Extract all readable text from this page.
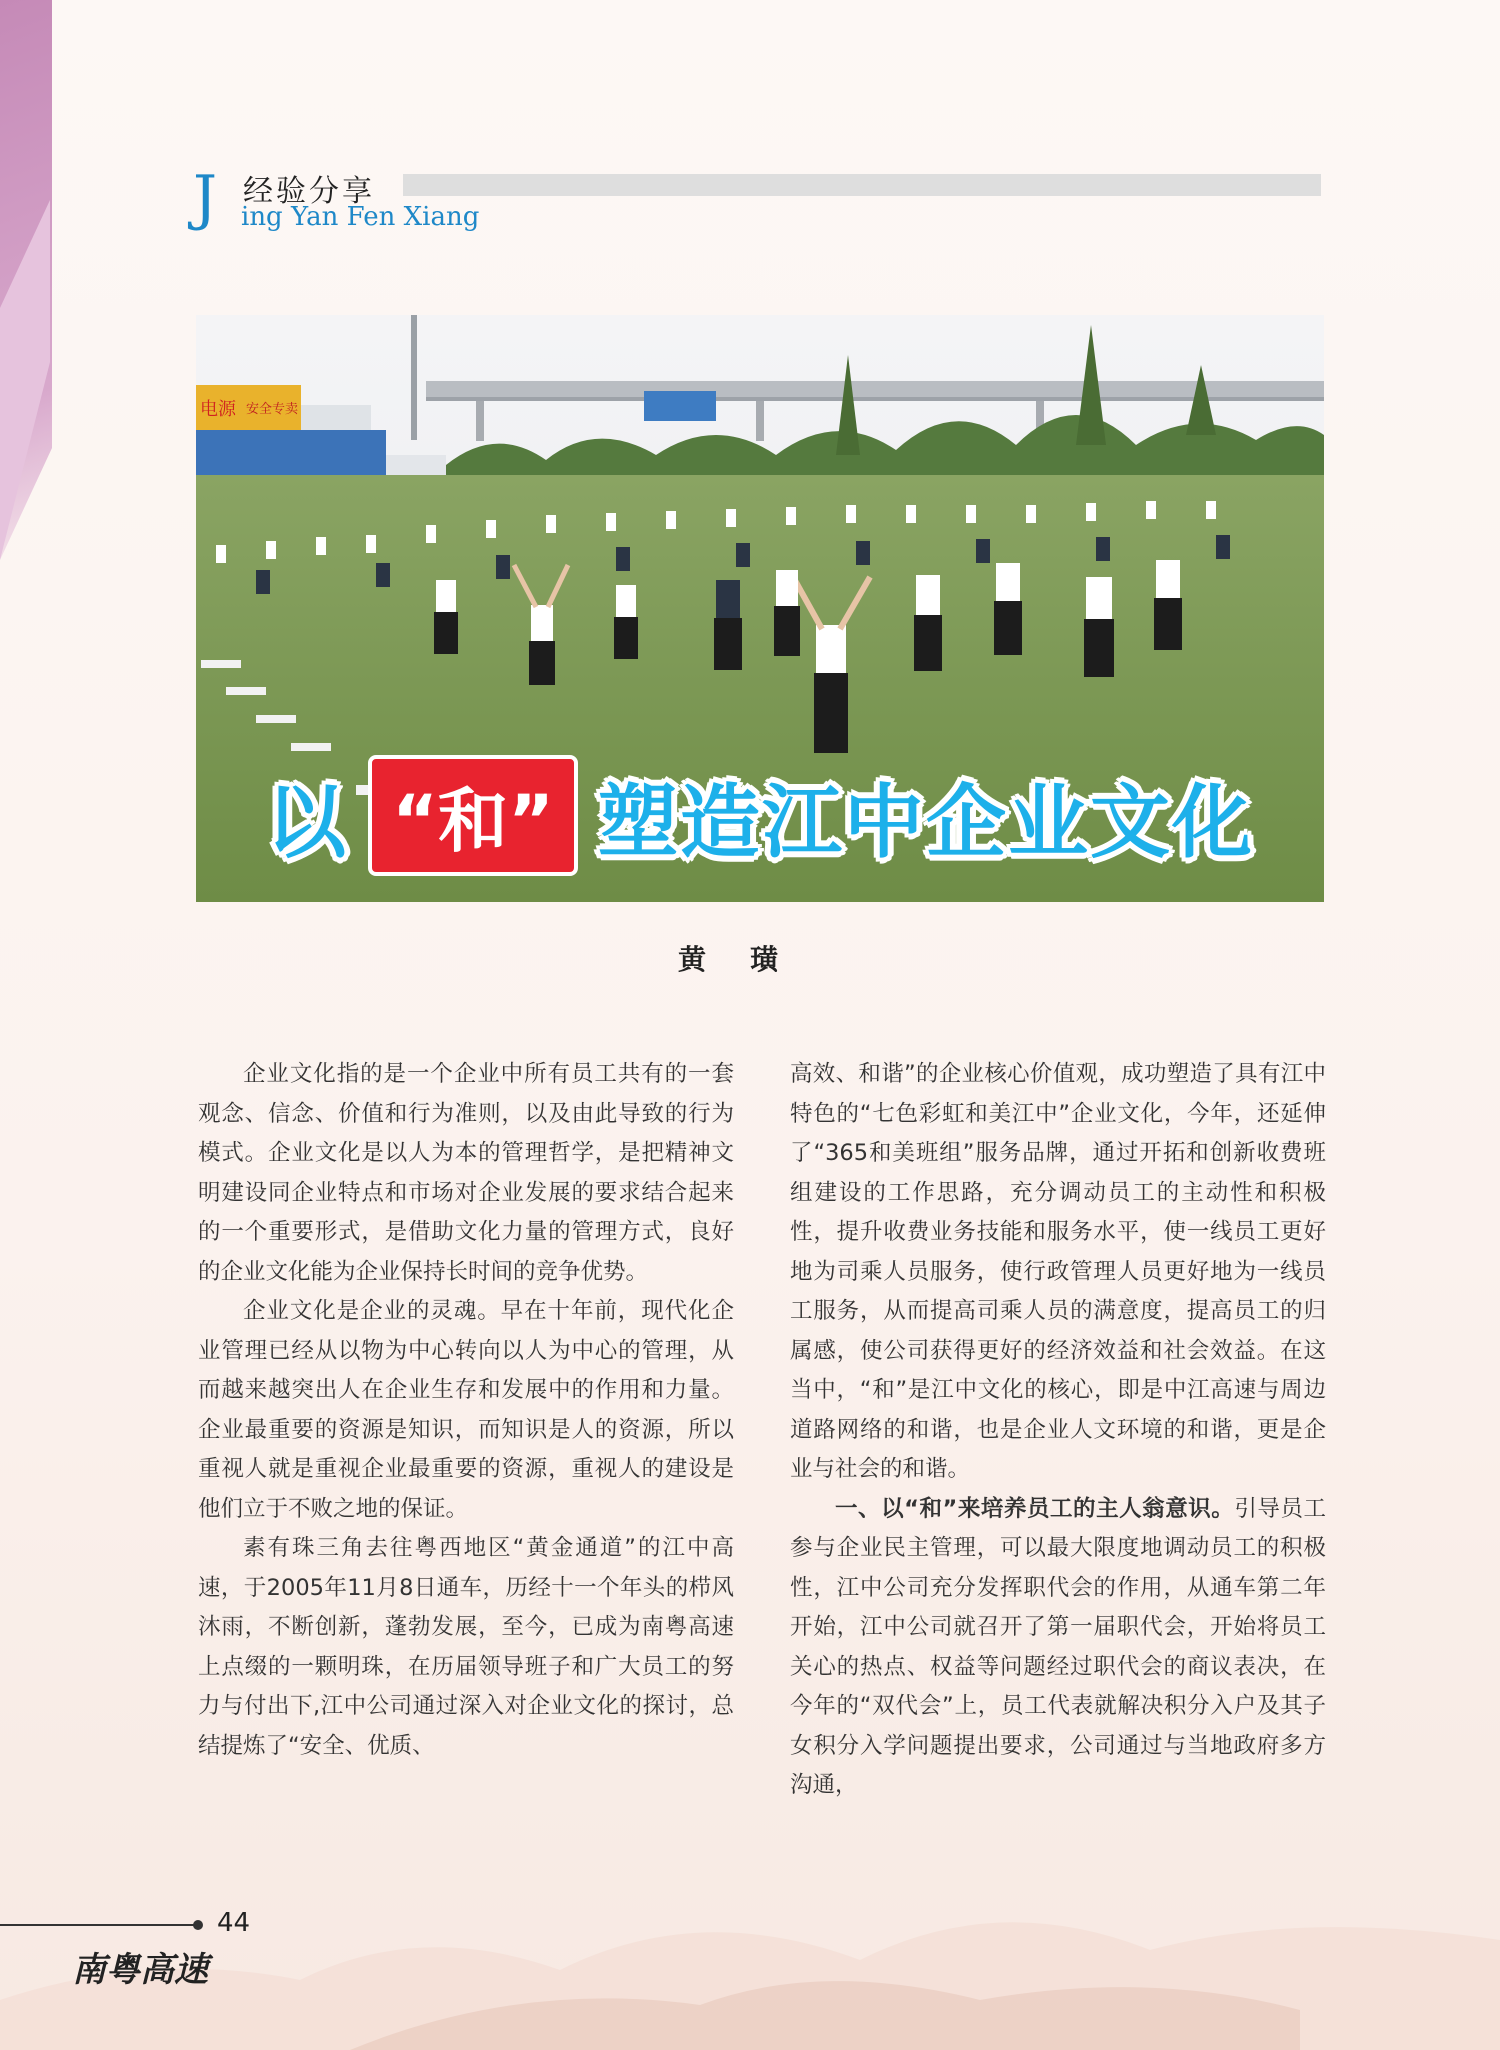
J 经验分享
ing Yan Fen Xiang
电源 安全专卖
以 “和” 塑造江中企业文化
黄璜

企业文化指的是一个企业中所有员工共有的一套观念、信念、价值和行为准则，以及由此导致的行为模式。企业文化是以人为本的管理哲学，是把精神文明建设同企业特点和市场对企业发展的要求结合起来的一个重要形式，是借助文化力量的管理方式，良好的企业文化能为企业保持长时间的竞争优势。

企业文化是企业的灵魂。早在十年前，现代化企业管理已经从以物为中心转向以人为中心的管理，从而越来越突出人在企业生存和发展中的作用和力量。企业最重要的资源是知识，而知识是人的资源，所以重视人就是重视企业最重要的资源，重视人的建设是他们立于不败之地的保证。

素有珠三角去往粤西地区“黄金通道”的江中高速，于2005年11月8日通车，历经十一个年头的栉风沐雨，不断创新，蓬勃发展，至今，已成为南粤高速上点缀的一颗明珠，在历届领导班子和广大员工的努力与付出下,江中公司通过深入对企业文化的探讨，总结提炼了“安全、优质、

高效、和谐”的企业核心价值观，成功塑造了具有江中特色的“七色彩虹和美江中”企业文化，今年，还延伸了“365和美班组”服务品牌，通过开拓和创新收费班组建设的工作思路，充分调动员工的主动性和积极性，提升收费业务技能和服务水平，使一线员工更好地为司乘人员服务，使行政管理人员更好地为一线员工服务，从而提高司乘人员的满意度，提高员工的归属感，使公司获得更好的经济效益和社会效益。在这当中，“和”是江中文化的核心，即是中江高速与周边道路网络的和谐，也是企业人文环境的和谐，更是企业与社会的和谐。

一、以“和”来培养员工的主人翁意识。引导员工参与企业民主管理，可以最大限度地调动员工的积极性，江中公司充分发挥职代会的作用，从通车第二年开始，江中公司就召开了第一届职代会，开始将员工关心的热点、权益等问题经过职代会的商议表决，在今年的“双代会”上，员工代表就解决积分入户及其子女积分入学问题提出要求，公司通过与当地政府多方沟通，

44
南粤高速
